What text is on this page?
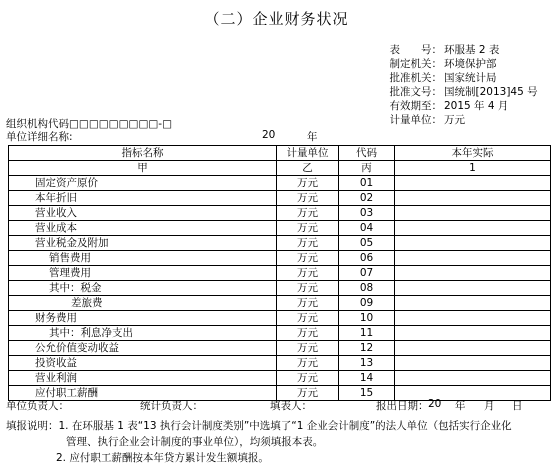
（二）企业财务状况
表　　号： 环服基 2 表
制定机关： 环境保护部
批准机关： 国家统计局
批准文号： 国统制[2013]45 号
有效期至： 2015 年 4 月
计量单位： 万元
组织机构代码□□□□□□□□□-□
单位详细名称:	20	年
指标名称	计量单位	代码	本年实际
甲	乙	丙	1
固定资产原价	万元	01	
本年折旧	万元	02	
营业收入	万元	03	
营业成本	万元	04	
营业税金及附加	万元	05	
销售费用	万元	06	
管理费用	万元	07	
其中：税金	万元	08	
差旅费	万元	09	
财务费用	万元	10	
其中：利息净支出	万元	11	
公允价值变动收益	万元	12	
投资收益	万元	13	
营业利润	万元	14	
应付职工薪酬	万元	15	
单位负责人：	统计负责人：	填表人：	报出日期： 20 年 月 日
填报说明：1. 在环服基 1 表“13 执行会计制度类别”中选填了“1 企业会计制度”的法人单位（包括实行企业化
管理、执行企业会计制度的事业单位），均须填报本表。
2. 应付职工薪酬按本年贷方累计发生额填报。
